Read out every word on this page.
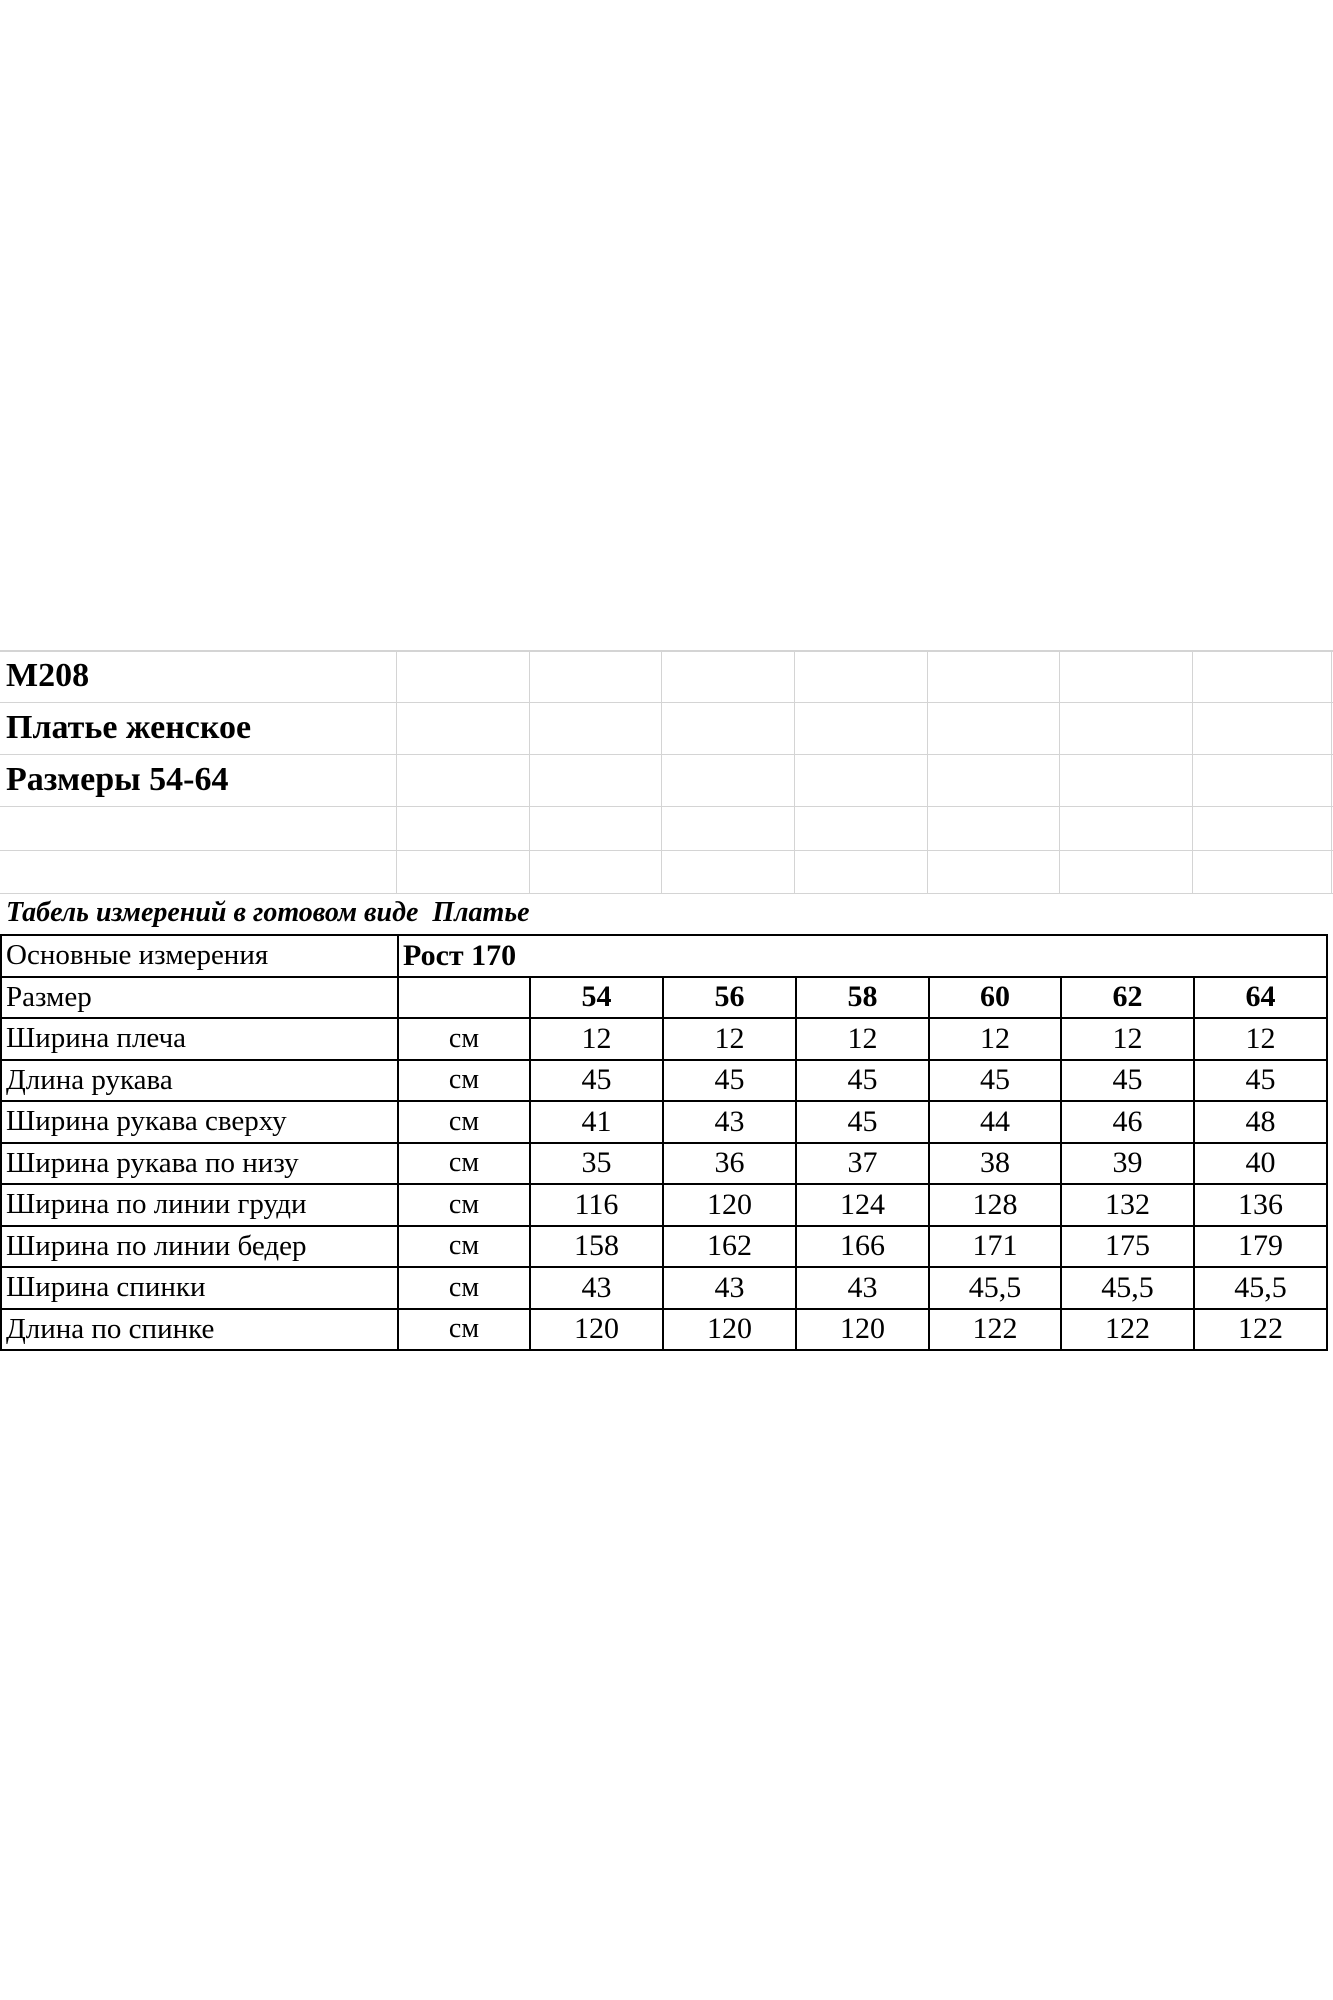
М208
Платье женское
Размеры 54-64
Табель измерений в готовом виде  Платье
Основные измерения	Рост 170						
Размер		54	56	58	60	62	64
Ширина плеча	см	12	12	12	12	12	12
Длина рукава	см	45	45	45	45	45	45
Ширина рукава сверху	см	41	43	45	44	46	48
Ширина рукава по низу	см	35	36	37	38	39	40
Ширина по линии груди	см	116	120	124	128	132	136
Ширина по линии бедер	см	158	162	166	171	175	179
Ширина спинки	см	43	43	43	45,5	45,5	45,5
Длина по спинке	см	120	120	120	122	122	122
